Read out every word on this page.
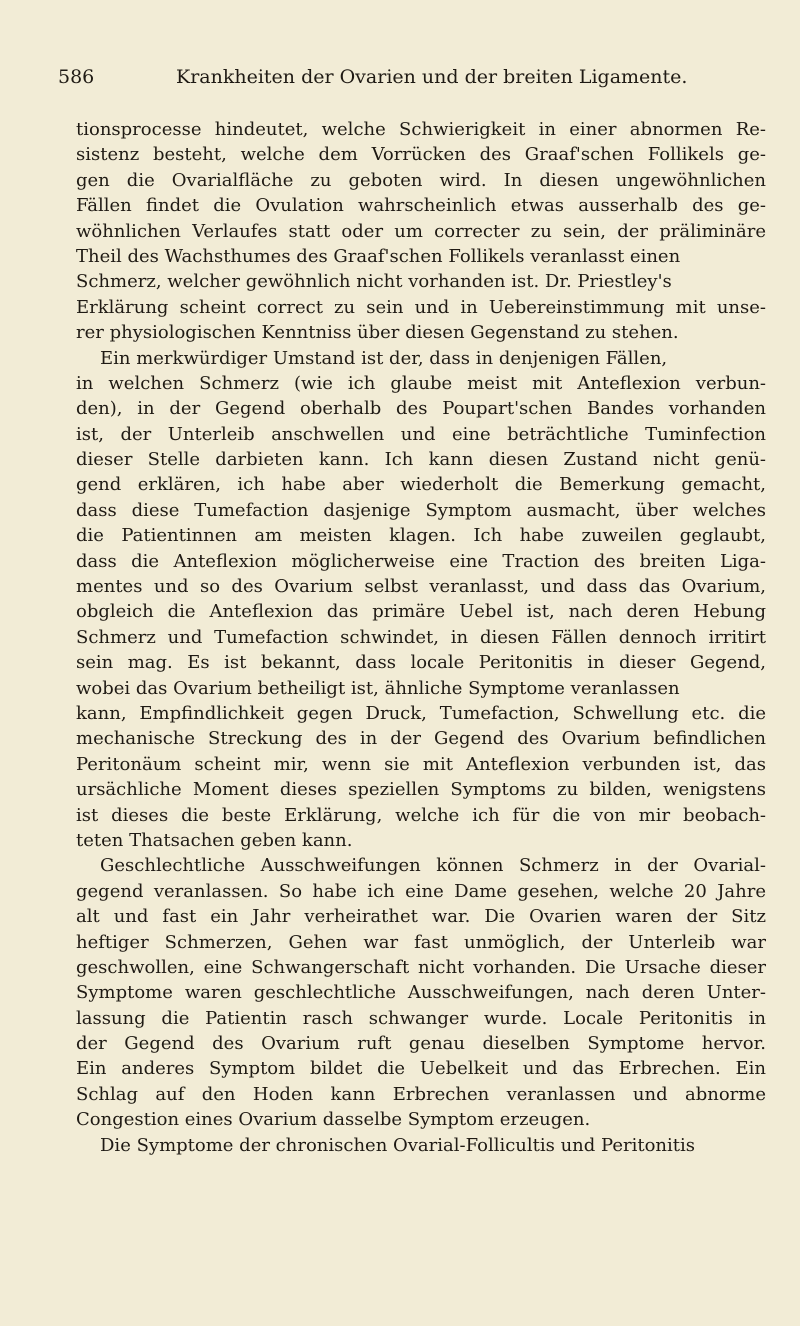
586	Krankheiten der Ovarien und der breiten Ligamente.
tionsprocesse hindeutet, welche Schwierigkeit in einer abnormen Re-
sistenz besteht, welche dem Vorrücken des Graaf'schen Follikels ge-
gen die Ovarialfläche zu geboten wird. In diesen ungewöhnlichen
Fällen findet die Ovulation wahrscheinlich etwas ausserhalb des ge-
wöhnlichen Verlaufes statt oder um correcter zu sein, der präliminäre
Theil des Wachsthumes des Graaf'schen Follikels veranlasst einen
Schmerz, welcher gewöhnlich nicht vorhanden ist. Dr. Priestley's
Erklärung scheint correct zu sein und in Uebereinstimmung mit unse-
rer physiologischen Kenntniss über diesen Gegenstand zu stehen.
Ein merkwürdiger Umstand ist der, dass in denjenigen Fällen,
in welchen Schmerz (wie ich glaube meist mit Anteflexion verbun-
den), in der Gegend oberhalb des Poupart'schen Bandes vorhanden
ist, der Unterleib anschwellen und eine beträchtliche Tuminfection
dieser Stelle darbieten kann. Ich kann diesen Zustand nicht genü-
gend erklären, ich habe aber wiederholt die Bemerkung gemacht,
dass diese Tumefaction dasjenige Symptom ausmacht, über welches
die Patientinnen am meisten klagen. Ich habe zuweilen geglaubt,
dass die Anteflexion möglicherweise eine Traction des breiten Liga-
mentes und so des Ovarium selbst veranlasst, und dass das Ovarium,
obgleich die Anteflexion das primäre Uebel ist, nach deren Hebung
Schmerz und Tumefaction schwindet, in diesen Fällen dennoch irritirt
sein mag. Es ist bekannt, dass locale Peritonitis in dieser Gegend,
wobei das Ovarium betheiligt ist, ähnliche Symptome veranlassen
kann, Empfindlichkeit gegen Druck, Tumefaction, Schwellung etc. die
mechanische Streckung des in der Gegend des Ovarium befindlichen
Peritonäum scheint mir, wenn sie mit Anteflexion verbunden ist, das
ursächliche Moment dieses speziellen Symptoms zu bilden, wenigstens
ist dieses die beste Erklärung, welche ich für die von mir beobach-
teten Thatsachen geben kann.
Geschlechtliche Ausschweifungen können Schmerz in der Ovarial-
gegend veranlassen. So habe ich eine Dame gesehen, welche 20 Jahre
alt und fast ein Jahr verheirathet war. Die Ovarien waren der Sitz
heftiger Schmerzen, Gehen war fast unmöglich, der Unterleib war
geschwollen, eine Schwangerschaft nicht vorhanden. Die Ursache dieser
Symptome waren geschlechtliche Ausschweifungen, nach deren Unter-
lassung die Patientin rasch schwanger wurde. Locale Peritonitis in
der Gegend des Ovarium ruft genau dieselben Symptome hervor.
Ein anderes Symptom bildet die Uebelkeit und das Erbrechen. Ein
Schlag auf den Hoden kann Erbrechen veranlassen und abnorme
Congestion eines Ovarium dasselbe Symptom erzeugen.
Die Symptome der chronischen Ovarial-Follicultis und Peritonitis
